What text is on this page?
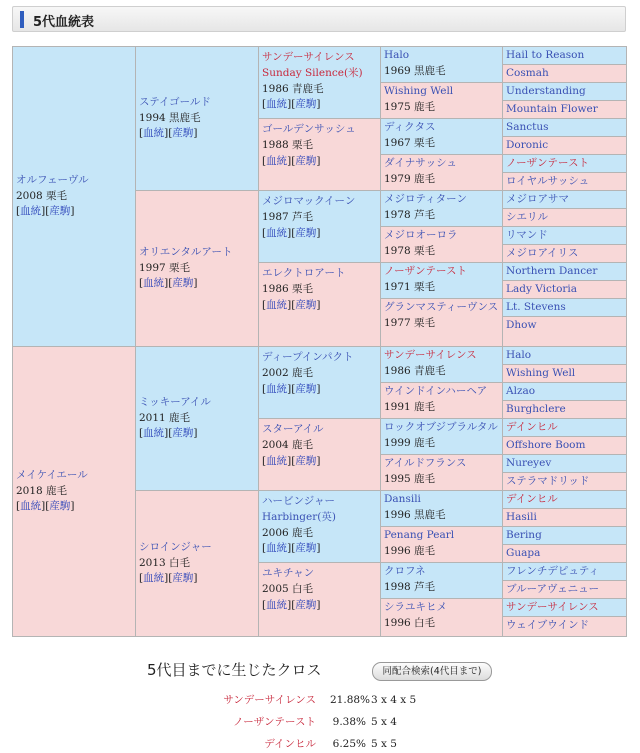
5代血統表
オルフェーヴル
2008 栗毛
[血統][産駒]
メイケイエール
2018 鹿毛
[血統][産駒]
ステイゴールド
1994 黒鹿毛
[血統][産駒]
オリエンタルアート
1997 栗毛
[血統][産駒]
ミッキーアイル
2011 鹿毛
[血統][産駒]
シロインジャー
2013 白毛
[血統][産駒]
サンデーサイレンス
Sunday Silence(米)
1986 青鹿毛
[血統][産駒]
ゴールデンサッシュ
1988 栗毛
[血統][産駒]
メジロマックイーン
1987 芦毛
[血統][産駒]
エレクトロアート
1986 栗毛
[血統][産駒]
ディープインパクト
2002 鹿毛
[血統][産駒]
スターアイル
2004 鹿毛
[血統][産駒]
ハービンジャー
Harbinger(英)
2006 鹿毛
[血統][産駒]
ユキチャン
2005 白毛
[血統][産駒]
Halo
1969 黒鹿毛
Wishing Well
1975 鹿毛
ディクタス
1967 栗毛
ダイナサッシュ
1979 鹿毛
メジロティターン
1978 芦毛
メジロオーロラ
1978 栗毛
ノーザンテースト
1971 栗毛
グランマスティーヴンス
1977 栗毛
サンデーサイレンス
1986 青鹿毛
ウインドインハーヘア
1991 鹿毛
ロックオブジブラルタル
1999 鹿毛
アイルドフランス
1995 鹿毛
Dansili
1996 黒鹿毛
Penang Pearl
1996 鹿毛
クロフネ
1998 芦毛
シラユキヒメ
1996 白毛
Hail to Reason
Cosmah
Understanding
Mountain Flower
Sanctus
Doronic
ノーザンテースト
ロイヤルサッシュ
メジロアサマ
シエリル
リマンド
メジロアイリス
Northern Dancer
Lady Victoria
Lt. Stevens
Dhow
Halo
Wishing Well
Alzao
Burghclere
デインヒル
Offshore Boom
Nureyev
ステラマドリッド
デインヒル
Hasili
Bering
Guapa
フレンチデピュティ
ブルーアヴェニュー
サンデーサイレンス
ウェイブウインド
5代目までに生じたクロス	同配合検索(4代目まで)
サンデーサイレンス 21.88% 3 x 4 x 5
ノーザンテースト 9.38% 5 x 4
デインヒル 6.25% 5 x 5
